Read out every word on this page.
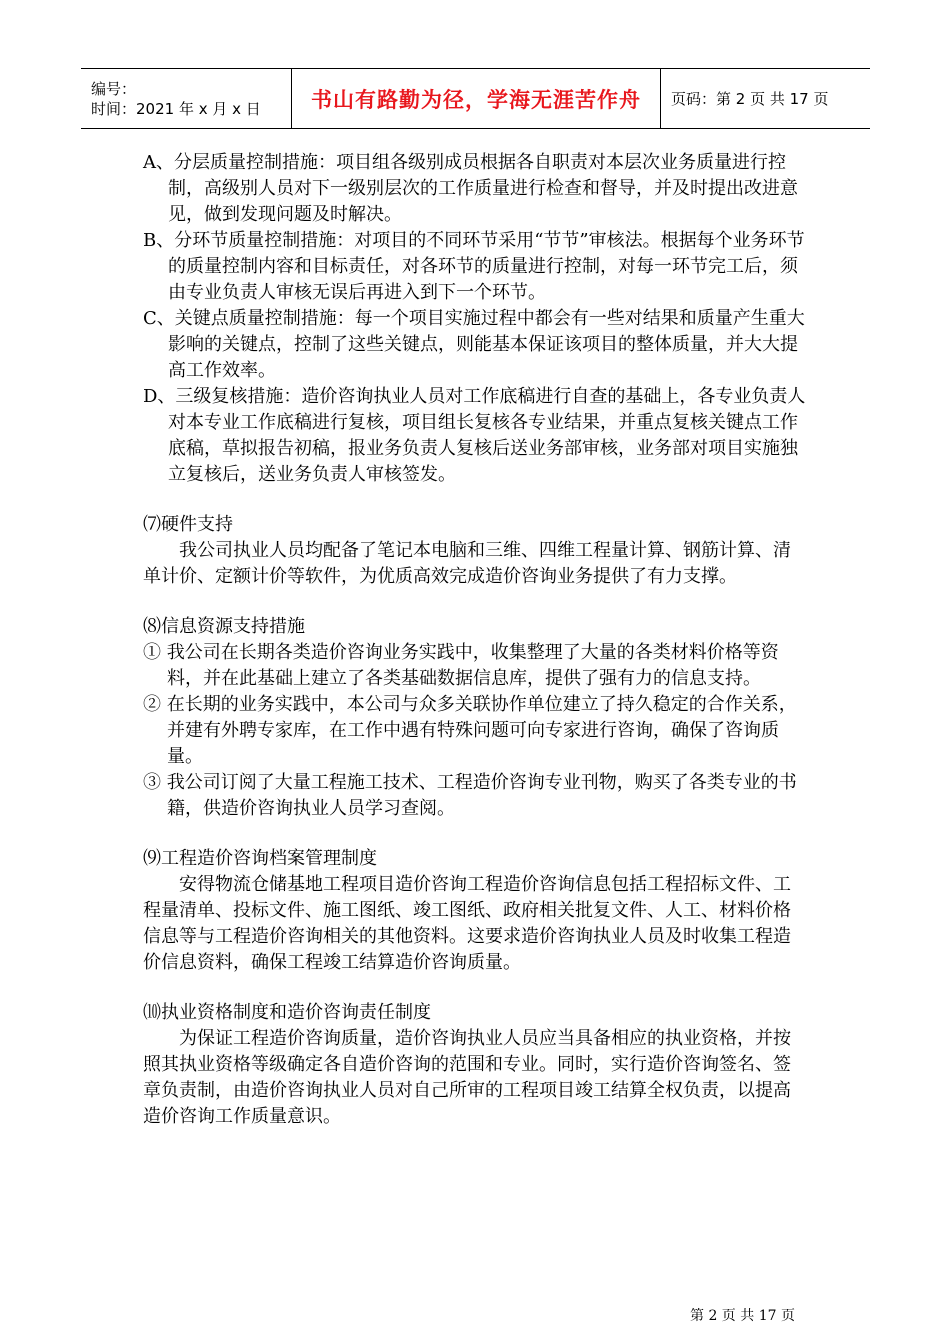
编号：
时间：2021 年 x 月 x 日	书山有路勤为径，学海无涯苦作舟	页码：第 2 页 共 17 页

A、分层质量控制措施：项目组各级别成员根据各自职责对本层次业务质量进行控制，高级别人员对下一级别层次的工作质量进行检查和督导，并及时提出改进意见，做到发现问题及时解决。

B、分环节质量控制措施：对项目的不同环节采用“节节”审核法。根据每个业务环节的质量控制内容和目标责任，对各环节的质量进行控制，对每一环节完工后，须由专业负责人审核无误后再进入到下一个环节。

C、关键点质量控制措施：每一个项目实施过程中都会有一些对结果和质量产生重大影响的关键点，控制了这些关键点，则能基本保证该项目的整体质量，并大大提高工作效率。

D、三级复核措施：造价咨询执业人员对工作底稿进行自查的基础上，各专业负责人对本专业工作底稿进行复核，项目组长复核各专业结果，并重点复核关键点工作底稿，草拟报告初稿，报业务负责人复核后送业务部审核，业务部对项目实施独立复核后，送业务负责人审核签发。

⑺硬件支持

我公司执业人员均配备了笔记本电脑和三维、四维工程量计算、钢筋计算、清单计价、定额计价等软件，为优质高效完成造价咨询业务提供了有力支撑。

⑻信息资源支持措施

① 我公司在长期各类造价咨询业务实践中，收集整理了大量的各类材料价格等资料，并在此基础上建立了各类基础数据信息库，提供了强有力的信息支持。

② 在长期的业务实践中，本公司与众多关联协作单位建立了持久稳定的合作关系，并建有外聘专家库，在工作中遇有特殊问题可向专家进行咨询，确保了咨询质量。

③ 我公司订阅了大量工程施工技术、工程造价咨询专业刊物，购买了各类专业的书籍，供造价咨询执业人员学习查阅。

⑼工程造价咨询档案管理制度

安得物流仓储基地工程项目造价咨询工程造价咨询信息包括工程招标文件、工程量清单、投标文件、施工图纸、竣工图纸、政府相关批复文件、人工、材料价格信息等与工程造价咨询相关的其他资料。这要求造价咨询执业人员及时收集工程造价信息资料，确保工程竣工结算造价咨询质量。

⑽执业资格制度和造价咨询责任制度

为保证工程造价咨询质量，造价咨询执业人员应当具备相应的执业资格，并按照其执业资格等级确定各自造价咨询的范围和专业。同时，实行造价咨询签名、签章负责制，由造价咨询执业人员对自己所审的工程项目竣工结算全权负责，以提高造价咨询工作质量意识。

第 2 页 共 17 页
